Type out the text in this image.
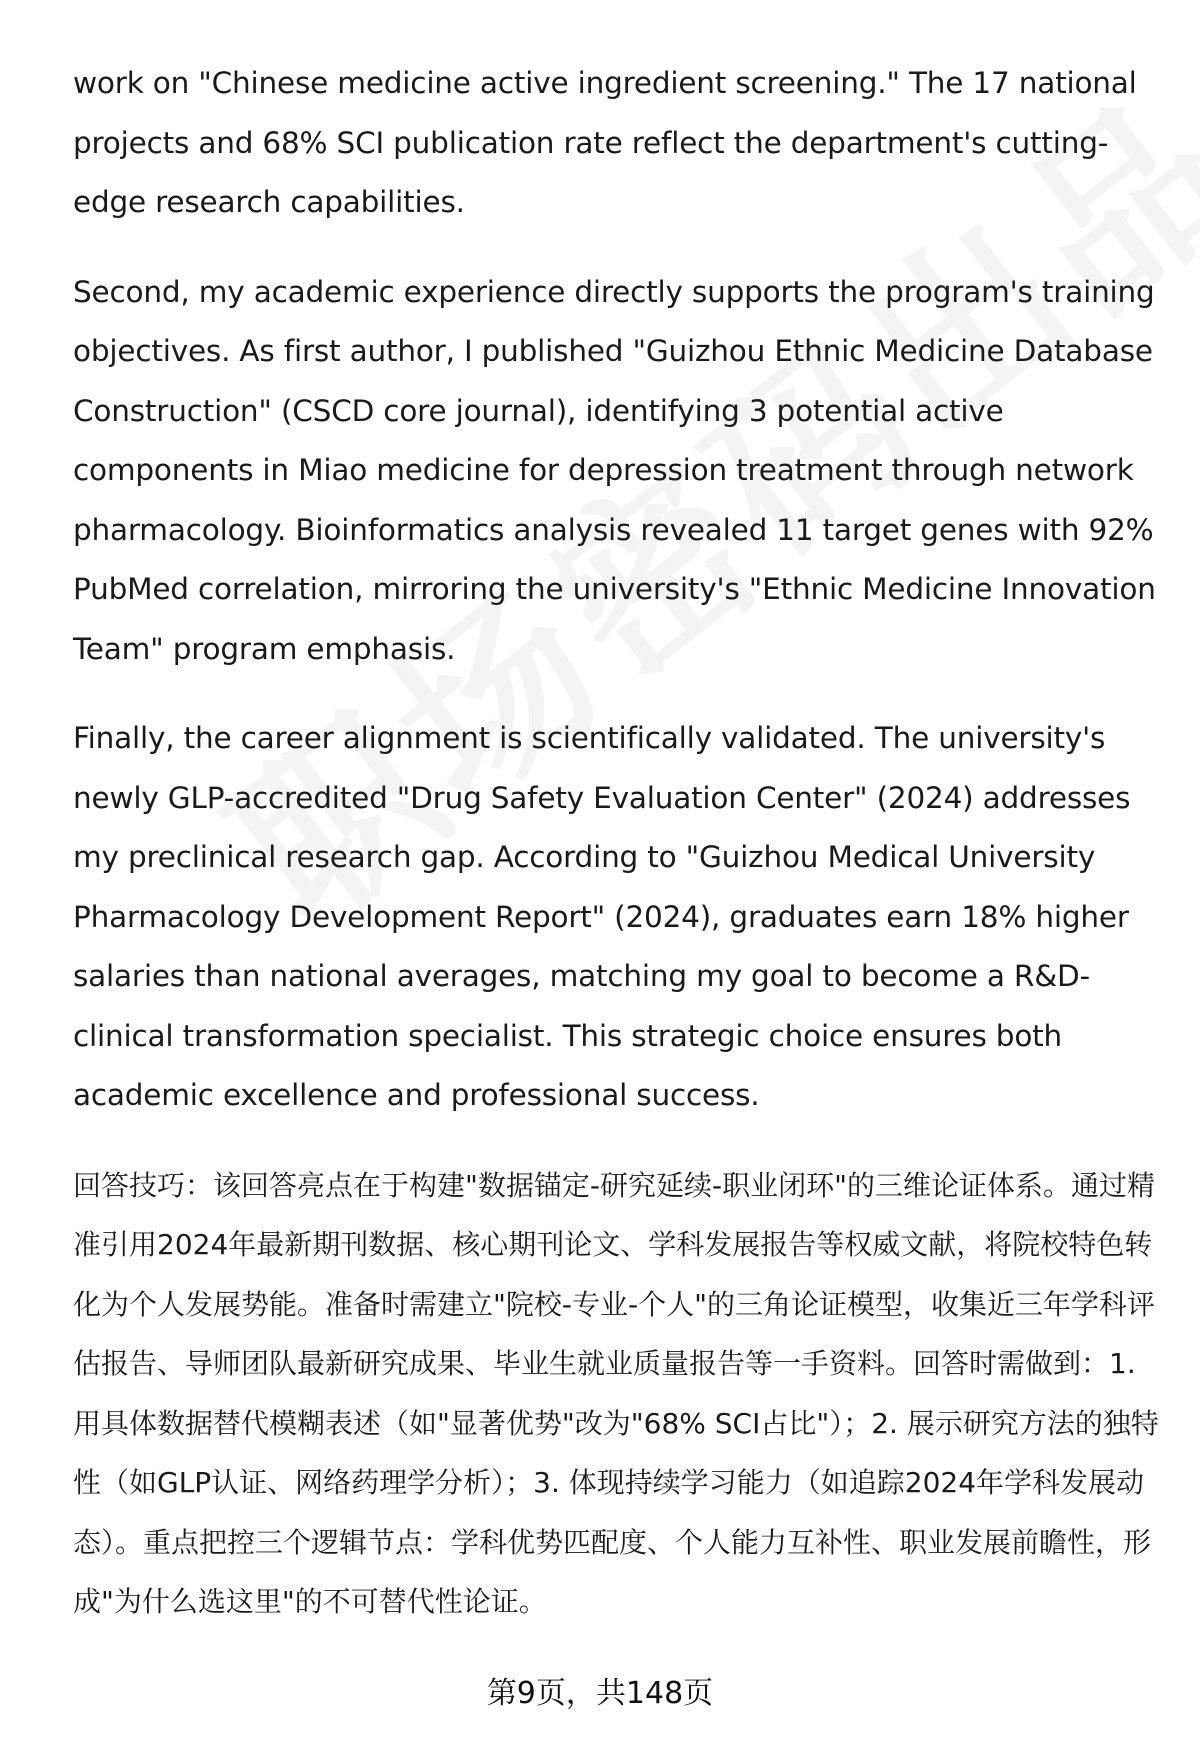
work on "Chinese medicine active ingredient screening." The 17 national projects and 68% SCI publication rate reflect the department's cutting-edge research capabilities.

Second, my academic experience directly supports the program's training objectives. As first author, I published "Guizhou Ethnic Medicine Database Construction" (CSCD core journal), identifying 3 potential active components in Miao medicine for depression treatment through network pharmacology. Bioinformatics analysis revealed 11 target genes with 92% PubMed correlation, mirroring the university's "Ethnic Medicine Innovation Team" program emphasis.

Finally, the career alignment is scientifically validated. The university's newly GLP-accredited "Drug Safety Evaluation Center" (2024) addresses my preclinical research gap. According to "Guizhou Medical University Pharmacology Development Report" (2024), graduates earn 18% higher salaries than national averages, matching my goal to become a R&D-clinical transformation specialist. This strategic choice ensures both academic excellence and professional success.

回答技巧：该回答亮点在于构建"数据锚定-研究延续-职业闭环"的三维论证体系。通过精准引用2024年最新期刊数据、核心期刊论文、学科发展报告等权威文献，将院校特色转化为个人发展势能。准备时需建立"院校-专业-个人"的三角论证模型，收集近三年学科评估报告、导师团队最新研究成果、毕业生就业质量报告等一手资料。回答时需做到：1. 用具体数据替代模糊表述（如"显著优势"改为"68% SCI占比"）；2. 展示研究方法的独特性（如GLP认证、网络药理学分析）；3. 体现持续学习能力（如追踪2024年学科发展动态）。重点把控三个逻辑节点：学科优势匹配度、个人能力互补性、职业发展前瞻性，形成"为什么选这里"的不可替代性论证。

第9页，共148页
